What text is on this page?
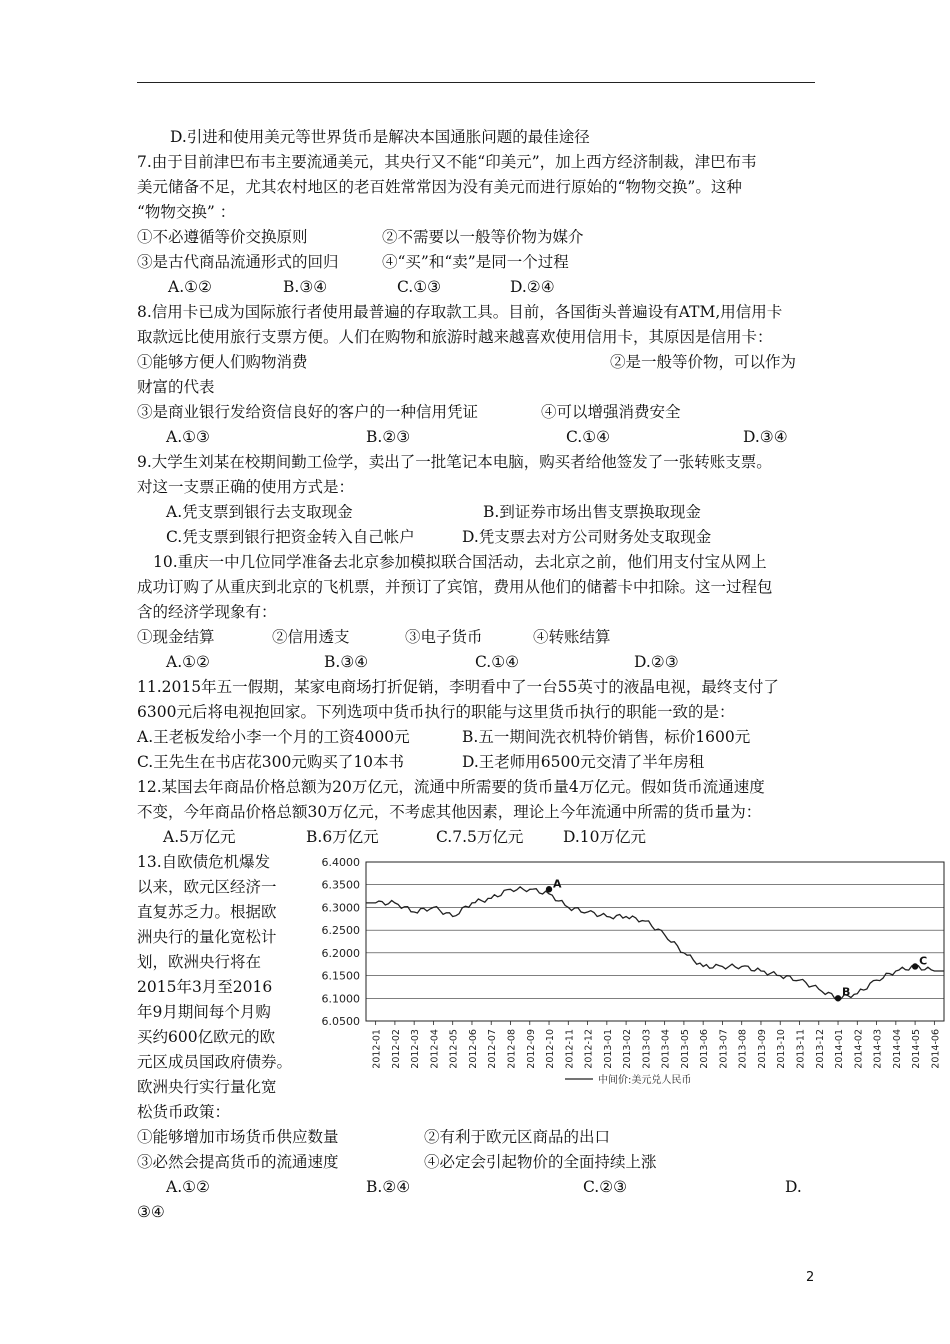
D.引进和使用美元等世界货币是解决本国通胀问题的最佳途径
7.由于目前津巴布韦主要流通美元，其央行又不能“印美元”，加上西方经济制裁，津巴布韦
美元储备不足，尤其农村地区的老百姓常常因为没有美元而进行原始的“物物交换”。这种
“物物交换” ：
①不必遵循等价交换原则	②不需要以一般等价物为媒介
③是古代商品流通形式的回归	④“买”和“卖”是同一个过程
A.①②	B.③④	C.①③	D.②④
8.信用卡已成为国际旅行者使用最普遍的存取款工具。目前，各国街头普遍设有ATM,用信用卡
取款远比使用旅行支票方便。人们在购物和旅游时越来越喜欢使用信用卡，其原因是信用卡：
①能够方便人们购物消费	②是一般等价物，可以作为
财富的代表
③是商业银行发给资信良好的客户的一种信用凭证	④可以增强消费安全
A.①③	B.②③	C.①④	D.③④
9.大学生刘某在校期间勤工俭学，卖出了一批笔记本电脑，购买者给他签发了一张转账支票。
对这一支票正确的使用方式是：
A.凭支票到银行去支取现金	B.到证券市场出售支票换取现金
C.凭支票到银行把资金转入自己帐户	D.凭支票去对方公司财务处支取现金
10.重庆一中几位同学准备去北京参加模拟联合国活动，去北京之前，他们用支付宝从网上
成功订购了从重庆到北京的飞机票，并预订了宾馆，费用从他们的储蓄卡中扣除。这一过程包
含的经济学现象有：
①现金结算	②信用透支	③电子货币	④转账结算
A.①②	B.③④	C.①④	D.②③
11.2015年五一假期，某家电商场打折促销，李明看中了一台55英寸的液晶电视，最终支付了
6300元后将电视抱回家。下列选项中货币执行的职能与这里货币执行的职能一致的是：
A.王老板发给小李一个月的工资4000元	B.五一期间洗衣机特价销售，标价1600元
C.王先生在书店花300元购买了10本书	D.王老师用6500元交清了半年房租
12.某国去年商品价格总额为20万亿元，流通中所需要的货币量4万亿元。假如货币流通速度
不变，今年商品价格总额30万亿元，不考虑其他因素，理论上今年流通中所需的货币量为：
A.5万亿元	B.6万亿元	C.7.5万亿元	D.10万亿元
13.自欧债危机爆发
以来，欧元区经济一
直复苏乏力。根据欧
洲央行的量化宽松计
划，欧洲央行将在
2015年3月至2016
年9月期间每个月购
买约600亿欧元的欧
元区成员国政府债券。
欧洲央行实行量化宽
松货币政策：
6.4000
6.3500
6.3000
6.2500
6.2000
6.1500
6.1000
6.0500
2012-01 2012-02 2012-03 2012-04 2012-05 2012-06 2012-07 2012-08 2012-09 2012-10 2012-11 2012-12 2013-01 2013-02 2013-03 2013-04 2013-05 2013-06 2013-07 2013-08 2013-09 2013-10 2013-11 2013-12 2014-01 2014-02 2014-03 2014-04 2014-05 2014-06
A
B
C
中间价:美元兑人民币
①能够增加市场货币供应数量	②有利于欧元区商品的出口
③必然会提高货币的流通速度	④必定会引起物价的全面持续上涨
A.①②	B.②④	C.②③	D.
③④
2
